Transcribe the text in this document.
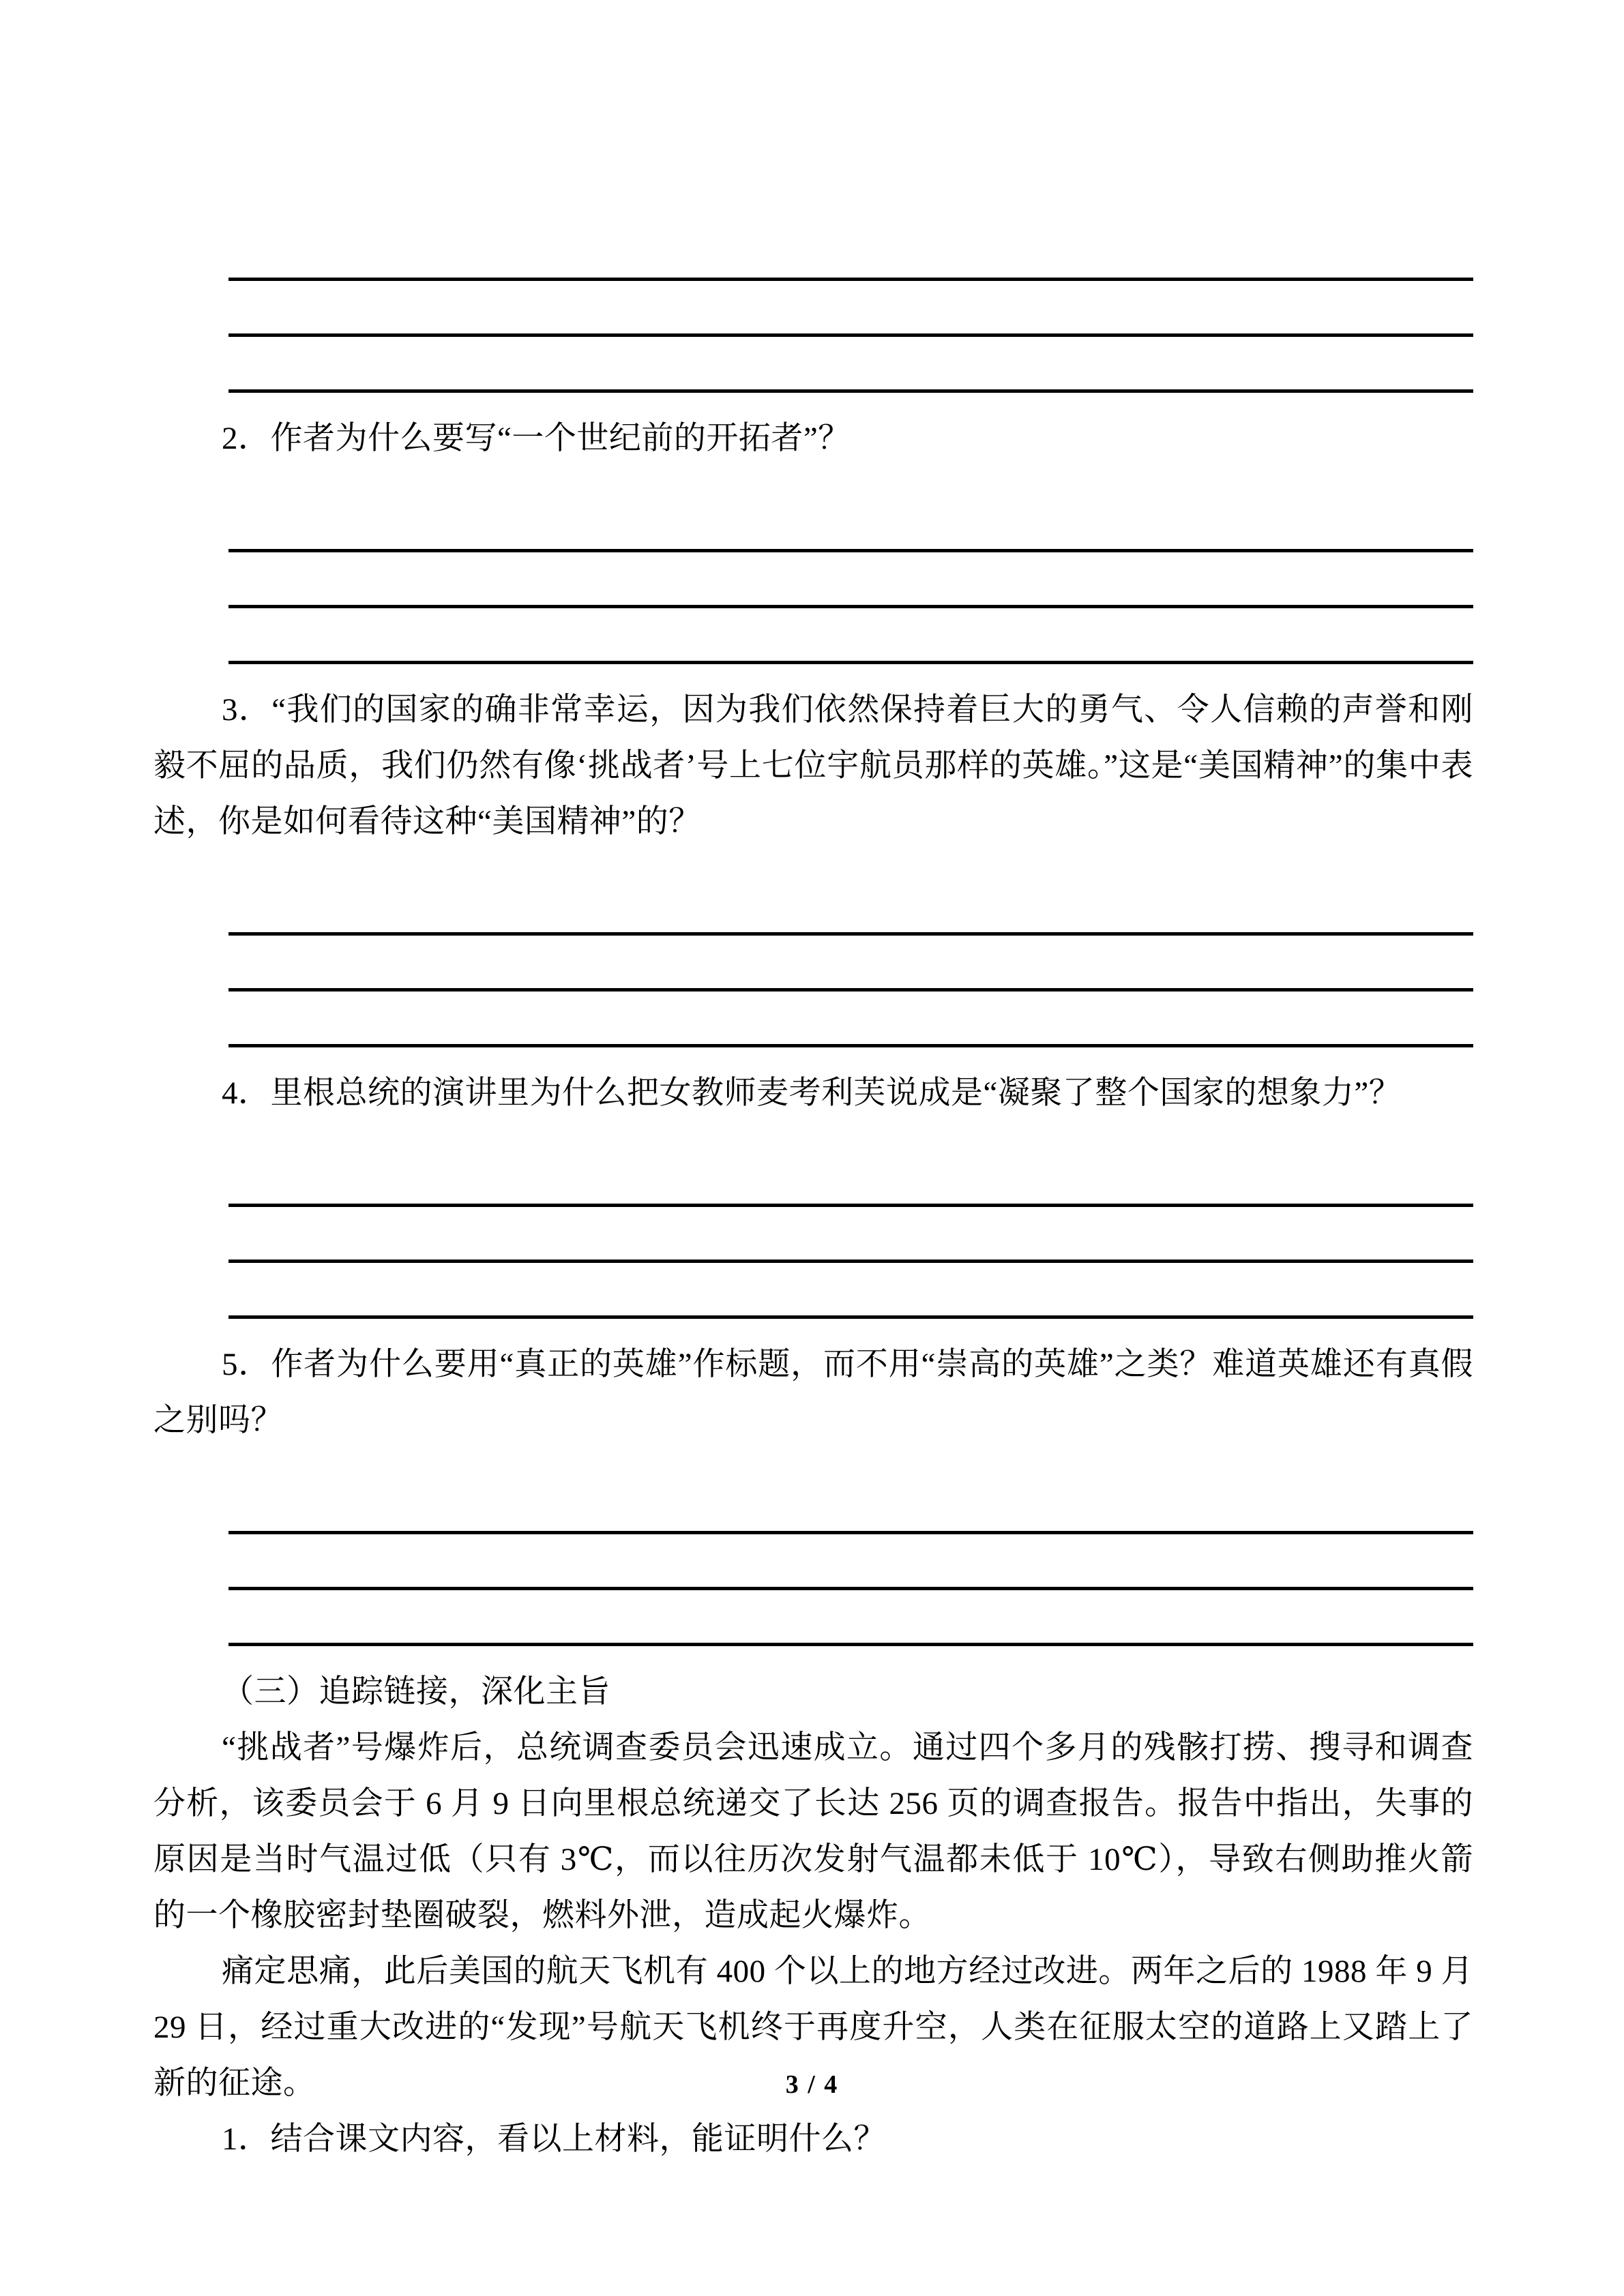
2．作者为什么要写“一个世纪前的开拓者”？

3．“我们的国家的确非常幸运，因为我们依然保持着巨大的勇气、令人信赖的声誉和刚毅不屈的品质，我们仍然有像‘挑战者’号上七位宇航员那样的英雄。”这是“美国精神”的集中表述，你是如何看待这种“美国精神”的？

4．里根总统的演讲里为什么把女教师麦考利芙说成是“凝聚了整个国家的想象力”？

5．作者为什么要用“真正的英雄”作标题，而不用“崇高的英雄”之类？难道英雄还有真假之别吗？

（三）追踪链接，深化主旨

“挑战者”号爆炸后，总统调查委员会迅速成立。通过四个多月的残骸打捞、搜寻和调查分析，该委员会于 6 月 9 日向里根总统递交了长达 256 页的调查报告。报告中指出，失事的原因是当时气温过低（只有 3℃，而以往历次发射气温都未低于 10℃），导致右侧助推火箭的一个橡胶密封垫圈破裂，燃料外泄，造成起火爆炸。

痛定思痛，此后美国的航天飞机有 400 个以上的地方经过改进。两年之后的 1988 年 9 月 29 日，经过重大改进的“发现”号航天飞机终于再度升空，人类在征服太空的道路上又踏上了新的征途。

1．结合课文内容，看以上材料，能证明什么？

3 / 4
